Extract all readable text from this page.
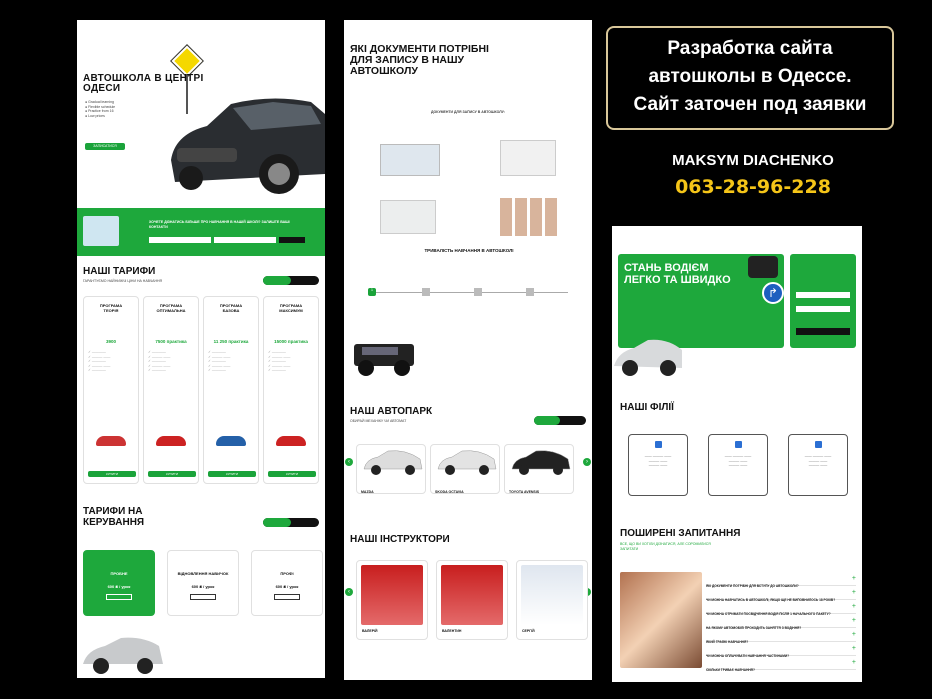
АВТОШКОЛА В ЦЕНТРІ ОДЕСИ
● Gradual learning
● Flexible schedule
● Practice from 16
● Low prices
ЗАПИСАТИСЯ
ХОЧЕТЕ ДІЗНАТИСЬ БІЛЬШЕ ПРО НАВЧАННЯ В НАШІЙ ШКОЛІ? ЗАЛИШТЕ ВАШІ КОНТАКТИ
НАШІ ТАРИФИ
ГАРАНТУЄМО НАЙНИЖЧІ ЦІНИ НА НАВЧАННЯ
ПРОГРАМА ТЕОРІЯ
3900
✓ ————
✓ ——— ——
✓ ————
✓ ——— ——
✓ ————
КУПИТИ
ПРОГРАМА ОПТИМАЛЬНА
7500 практика
✓ ————
✓ ——— ——
✓ ————
✓ ——— ——
✓ ————
КУПИТИ
ПРОГРАМА БАЗОВА
11 250 практика
✓ ————
✓ ——— ——
✓ ————
✓ ——— ——
✓ ————
КУПИТИ
ПРОГРАМА МАКСИМУМ
15000 практика
✓ ————
✓ ——— ——
✓ ————
✓ ——— ——
✓ ————
КУПИТИ
ТАРИФИ НА КЕРУВАННЯ
ПРОБНЕ
600 ₴ / урок
ВІДНОВЛЕННЯ НАВИЧОК
600 ₴ / урок
ПРОФІ
600 ₴ / урок
ЯКІ ДОКУМЕНТИ ПОТРІБНІ ДЛЯ ЗАПИСУ В НАШУ АВТОШКОЛУ
ДОКУМЕНТИ ДЛЯ ЗАПИСУ В АВТОШКОЛУ:
ТРИВАЛІСТЬ НАВЧАННЯ В АВТОШКОЛІ
1
НАШ АВТОПАРК
ОБИРАЙ МЕХАНІКУ ЧИ АВТОМАТ
‹	›
MAZDA	SKODA OCTAVIA	TOYOTA AVENSIS
НАШІ ІНСТРУКТОРИ
‹
ВАЛЕРІЙ	ВАЛЕНТИН	СЕРГІЙ
СТАНЬ ВОДІЄМ ЛЕГКО ТА ШВИДКО
↱
НАШІ ФІЛІЇ
—— ——— ——
——— ——
——— ——
—— ——— ——
——— ——
——— ——
—— ——— ——
——— ——
——— ——
ПОШИРЕНІ ЗАПИТАННЯ
ВСЕ, ЩО ВИ ХОТІЛИ ДІЗНАТИСЯ, АЛЕ СОРОМИЛИСЯ ЗАПИТАТИ
ЯКІ ДОКУМЕНТИ ПОТРІБНІ ДЛЯ ВСТУПУ ДО АВТОШКОЛИ?
+
ЧИ МОЖНА НАВЧАТИСЬ В АВТОШКОЛІ, ЯКЩО ЩЕ НЕ ВИПОВНИЛОСЬ 18 РОКІВ?
+
ЧИ МОЖНА ОТРИМАТИ ПОСВІДЧЕННЯ ВОДІЯ ПІСЛЯ 1 НАЧАЛЬНОГО ПАКЕТУ?
+
НА ЯКОМУ АВТОМОБІЛІ ПРОХОДИТЬ ЗАНЯТТЯ З ВОДІННЯ?
+
ЯКИЙ ГРАФІК НАВЧАННЯ?
+
ЧИ МОЖНА ОПЛАЧУВАТИ НАВЧАННЯ ЧАСТИНАМИ?
+
СКІЛЬКИ ТРИВАЄ НАВЧАННЯ?
+
Разработка сайта
автошколы в Одессе.
Сайт заточен под заявки
MAKSYM DIACHENKO
063-28-96-228
